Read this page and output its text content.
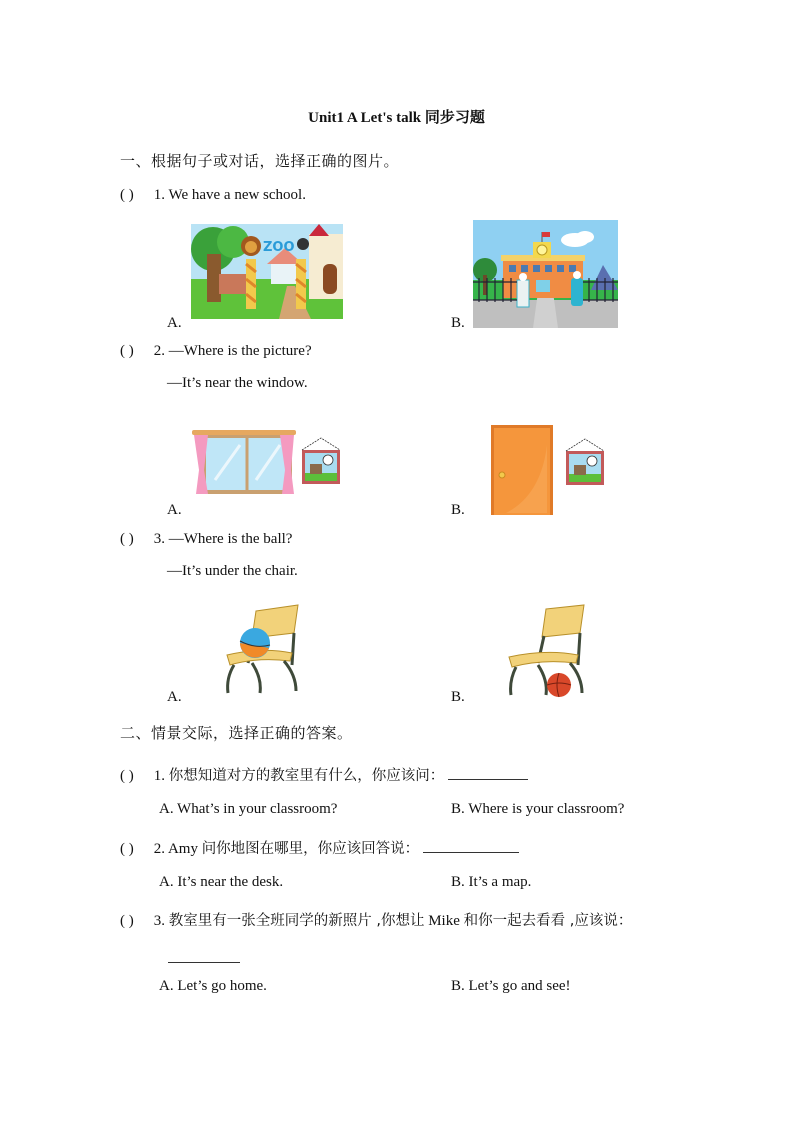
Unit1 A Let's talk 同步习题
一、根据句子或对话，选择正确的图片。
( ) 1. We have a new school.
ZOO
A.	B.
( ) 2. —Where is the picture?
—It’s near the window.
A.	B.
( ) 3. —Where is the ball?
—It’s under the chair.
A.	B.
二、情景交际，选择正确的答案。
( ) 1. 你想知道对方的教室里有什么，你应该问：
A. What’s in your classroom?	B. Where is your classroom?
( ) 2. Amy 问你地图在哪里，你应该回答说：
A. It’s near the desk.	B. It’s a map.
( ) 3. 教室里有一张全班同学的新照片 ,你想让 Mike 和你一起去看看 ,应该说：
A. Let’s go home.	B. Let’s go and see!
